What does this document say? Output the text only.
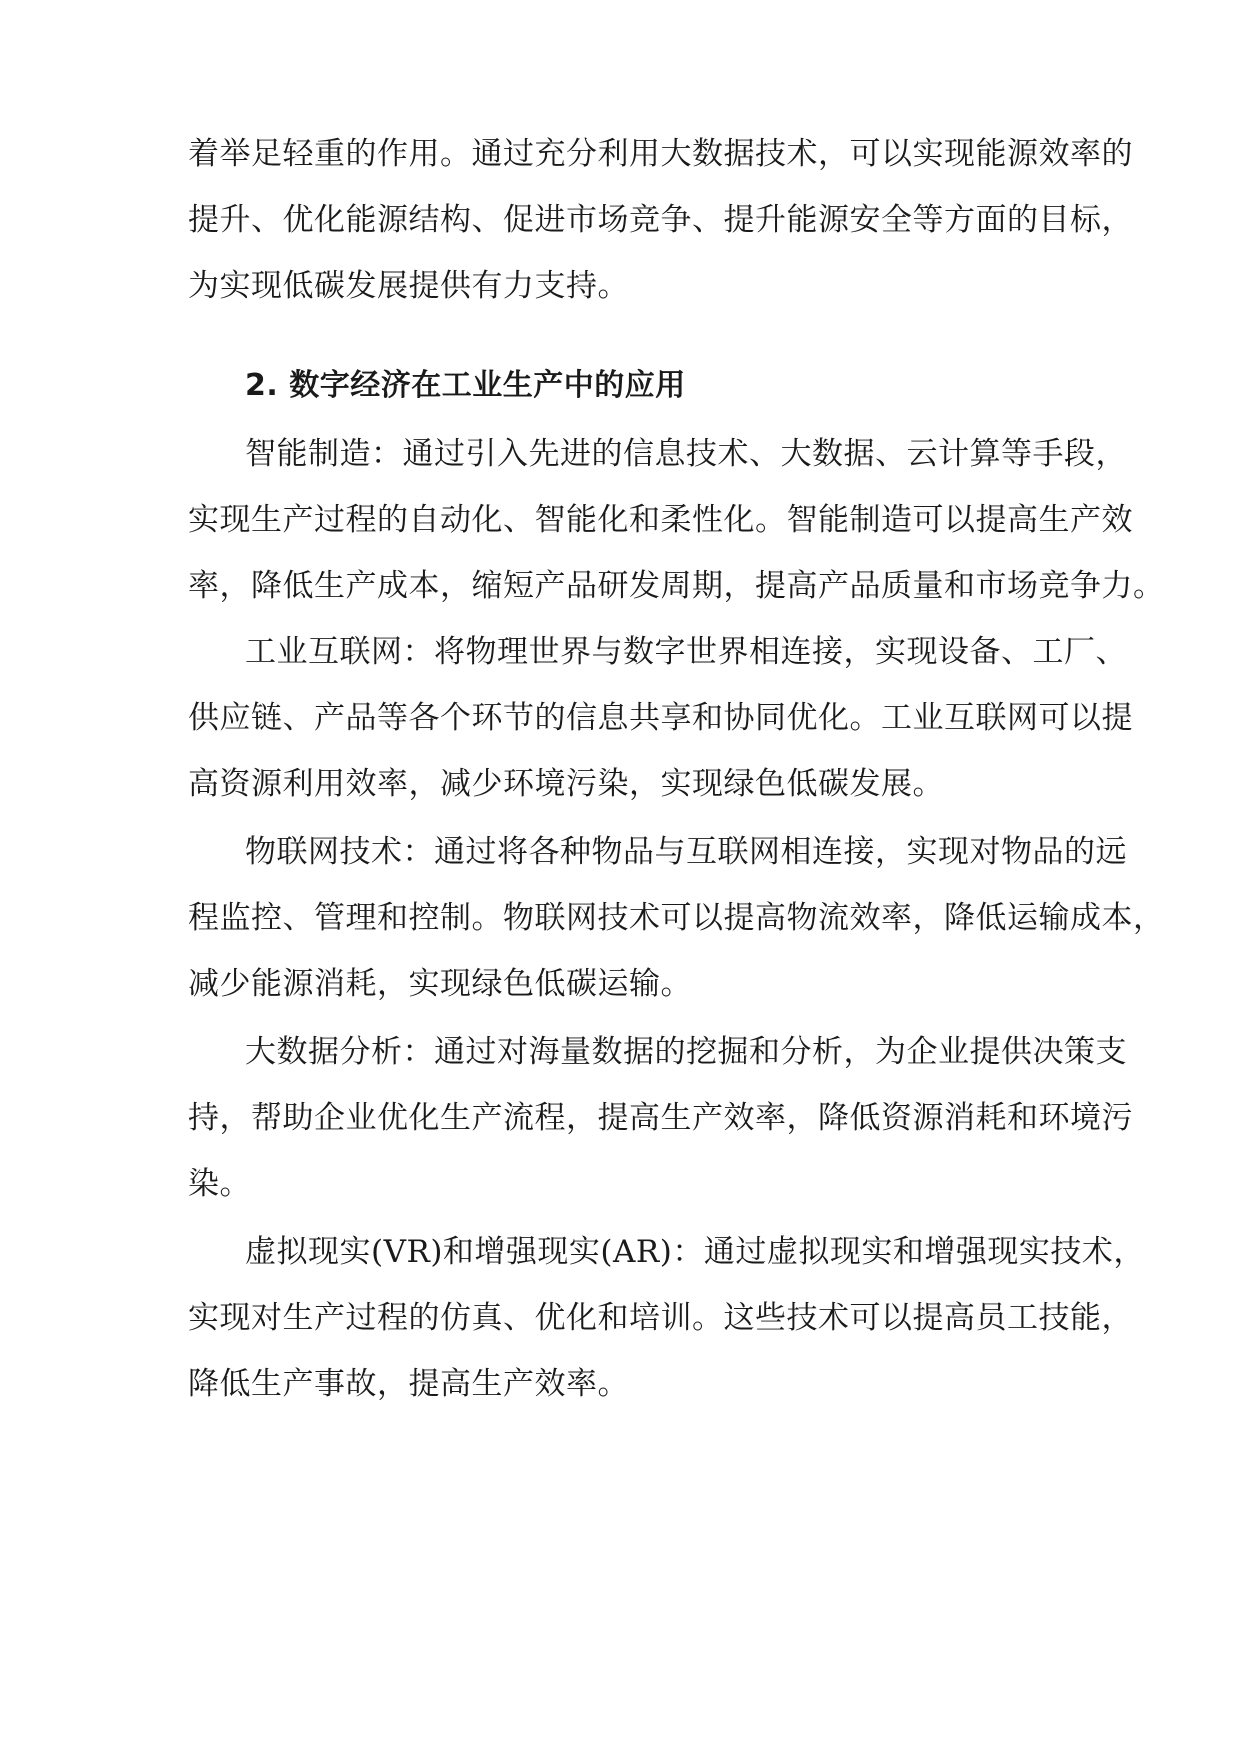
着举足轻重的作用。通过充分利用大数据技术，可以实现能源效率的
提升、优化能源结构、促进市场竞争、提升能源安全等方面的目标，
为实现低碳发展提供有力支持。
2. 数字经济在工业生产中的应用
智能制造：通过引入先进的信息技术、大数据、云计算等手段，
实现生产过程的自动化、智能化和柔性化。智能制造可以提高生产效
率，降低生产成本，缩短产品研发周期，提高产品质量和市场竞争力。
工业互联网：将物理世界与数字世界相连接，实现设备、工厂、
供应链、产品等各个环节的信息共享和协同优化。工业互联网可以提
高资源利用效率，减少环境污染，实现绿色低碳发展。
物联网技术：通过将各种物品与互联网相连接，实现对物品的远
程监控、管理和控制。物联网技术可以提高物流效率，降低运输成本，
减少能源消耗，实现绿色低碳运输。
大数据分析：通过对海量数据的挖掘和分析，为企业提供决策支
持，帮助企业优化生产流程，提高生产效率，降低资源消耗和环境污
染。
虚拟现实(VR)和增强现实(AR)：通过虚拟现实和增强现实技术，
实现对生产过程的仿真、优化和培训。这些技术可以提高员工技能，
降低生产事故，提高生产效率。
